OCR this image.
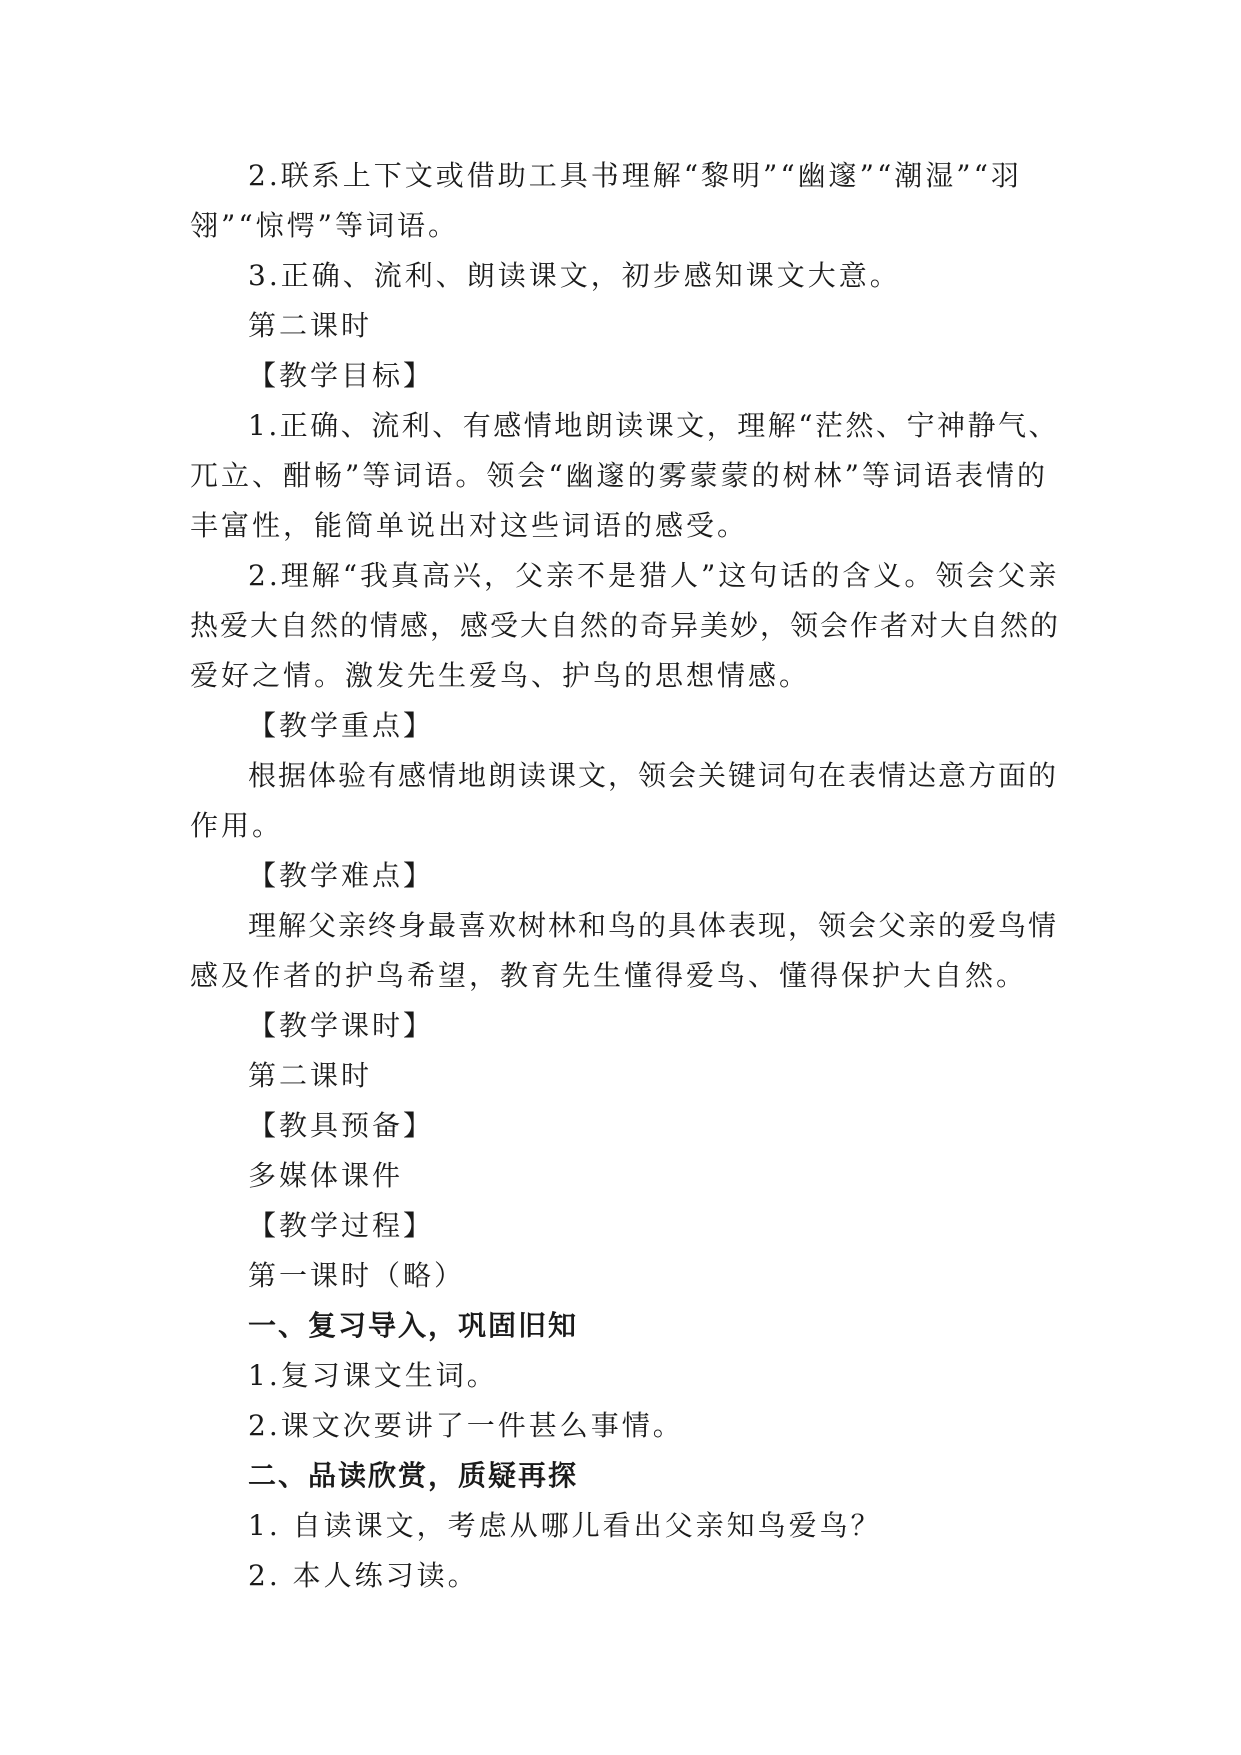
2.联系上下文或借助工具书理解“黎明”“幽邃”“潮湿”“羽

翎”“惊愕”等词语。

3.正确、流利、朗读课文，初步感知课文大意。

第二课时

【教学目标】

1.正确、流利、有感情地朗读课文，理解“茫然、宁神静气、

兀立、酣畅”等词语。领会“幽邃的雾蒙蒙的树林”等词语表情的

丰富性，能简单说出对这些词语的感受。

2.理解“我真高兴，父亲不是猎人”这句话的含义。领会父亲

热爱大自然的情感，感受大自然的奇异美妙，领会作者对大自然的

爱好之情。激发先生爱鸟、护鸟的思想情感。

【教学重点】

根据体验有感情地朗读课文，领会关键词句在表情达意方面的

作用。

【教学难点】

理解父亲终身最喜欢树林和鸟的具体表现，领会父亲的爱鸟情

感及作者的护鸟希望，教育先生懂得爱鸟、懂得保护大自然。

【教学课时】

第二课时

【教具预备】

多媒体课件

【教学过程】

第一课时（略）

一、复习导入，巩固旧知

1.复习课文生词。

2.课文次要讲了一件甚么事情。

二、品读欣赏，质疑再探

1. 自读课文，考虑从哪儿看出父亲知鸟爱鸟？

2. 本人练习读。
